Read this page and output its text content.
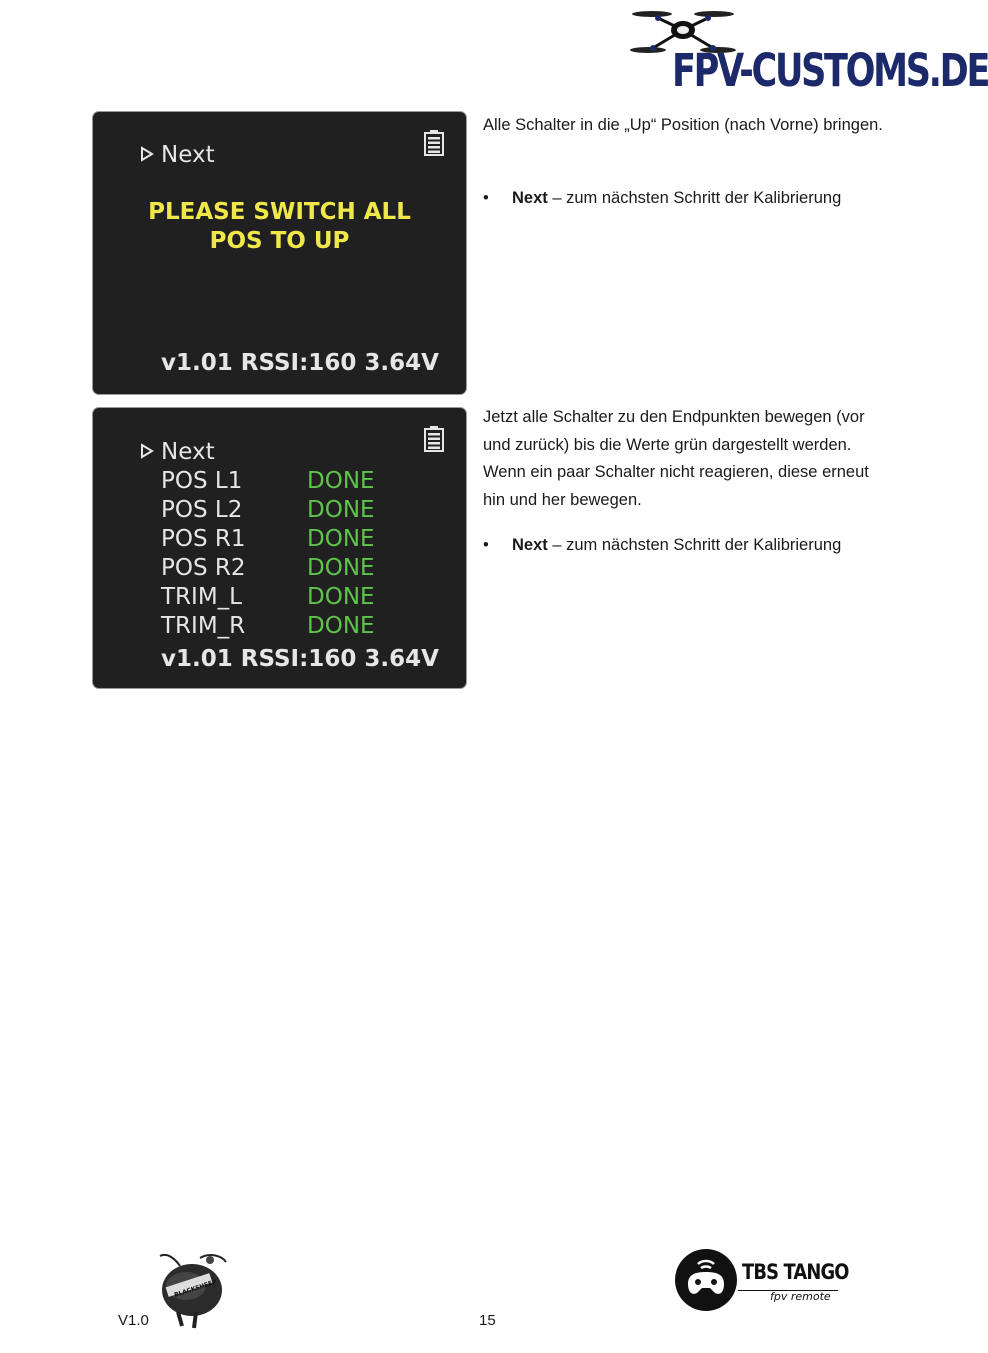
FPV-CUSTOMS.DE
Next
PLEASE SWITCH ALL
POS TO UP
v1.01 RSSI:160 3.64V
Next
POS L1	DONE
POS L2	DONE
POS R1	DONE
POS R2	DONE
TRIM_L	DONE
TRIM_R	DONE
v1.01 RSSI:160 3.64V
Alle Schalter in die „Up“ Position (nach Vorne) bringen.
• Next – zum nächsten Schritt der Kalibrierung
Jetzt alle Schalter zu den Endpunkten bewegen (vor und zurück) bis die Werte grün dargestellt werden. Wenn ein paar Schalter nicht reagieren, diese erneut hin und her bewegen.
• Next – zum nächsten Schritt der Kalibrierung
BLACKSHEEP
TBS TANGO
fpv remote
V1.0	15
